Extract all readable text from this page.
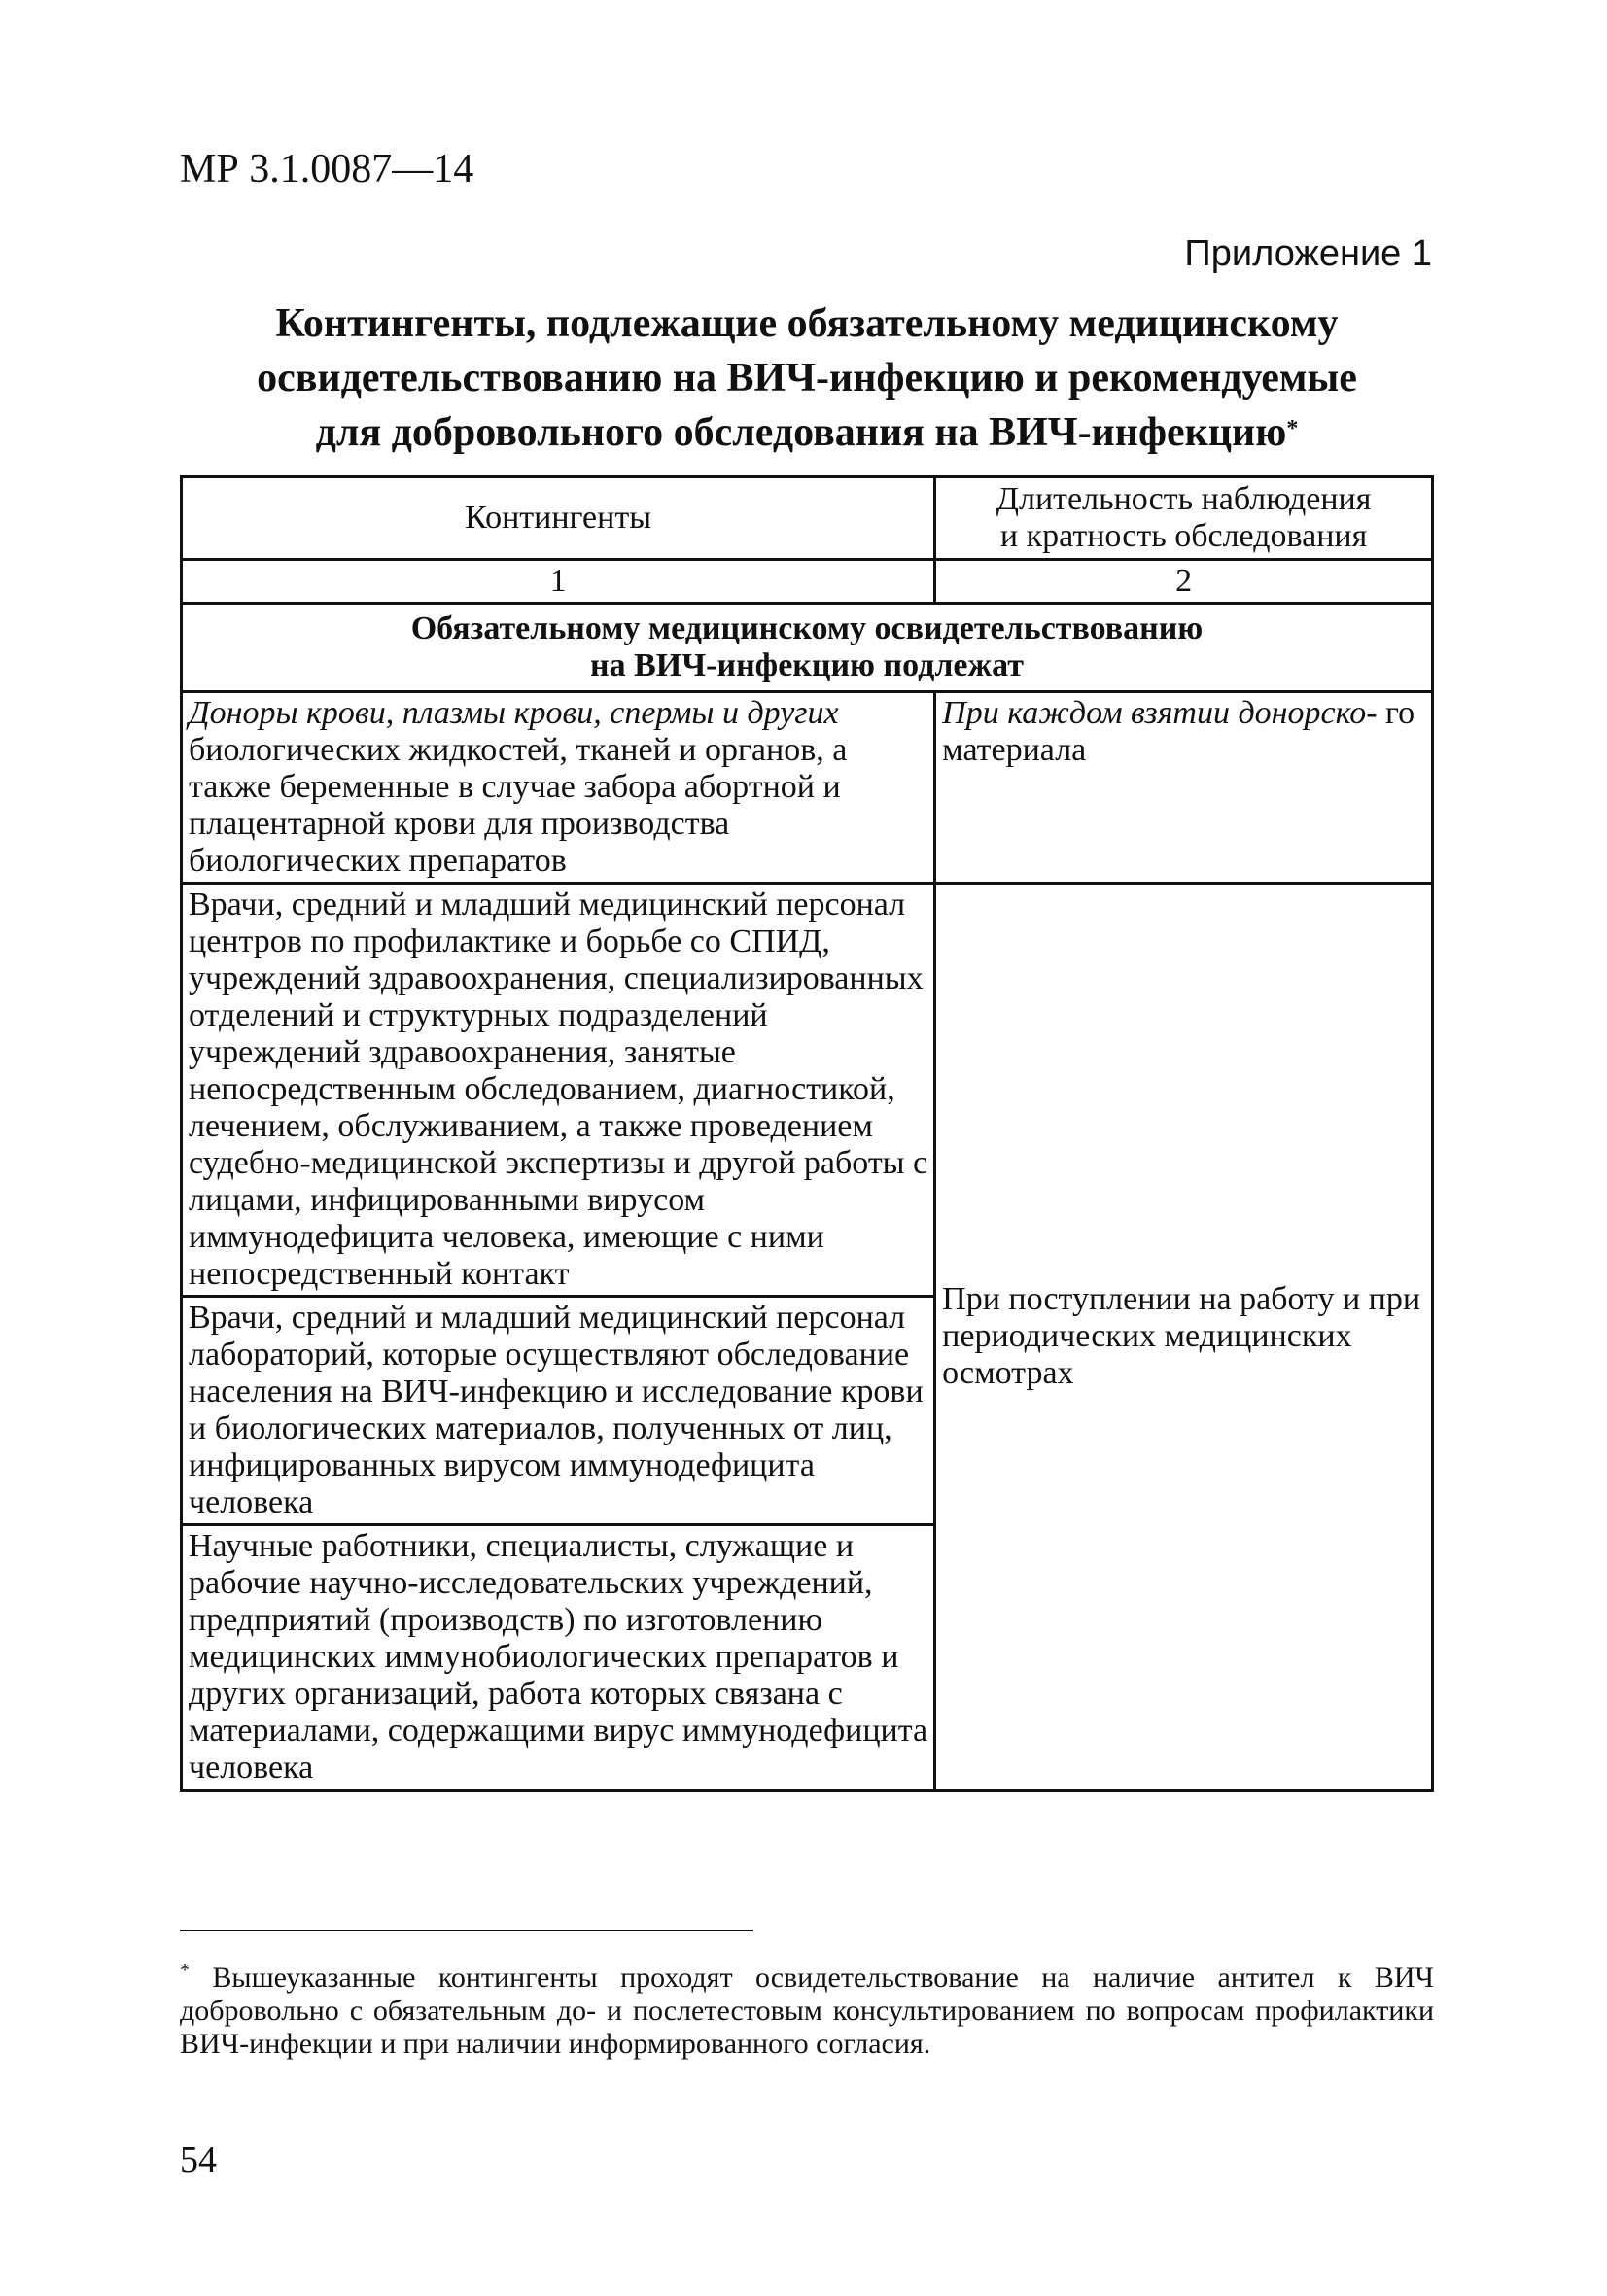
МР 3.1.0087—14
Приложение 1
Контингенты, подлежащие обязательному медицинскому
освидетельствованию на ВИЧ-инфекцию и рекомендуемые
для добровольного обследования на ВИЧ-инфекцию*
Контингенты	Длительность наблюдения
и кратность обследования

1	2

Обязательному медицинскому освидетельствованию
на ВИЧ-инфекцию подлежат	

Доноры крови, плазмы крови, спермы и других биологических жидкостей, тканей и органов, а также беременные в случае забора абортной и плацентарной крови для производства биологических препаратов	При каждом взятии донорско- го материала
Врачи, средний и младший медицинский персонал центров по профилактике и борьбе со СПИД, учреждений здравоохранения, специализированных отделений и структурных подразделений учреждений здравоохранения, занятые непосредственным обследованием, диагностикой, лечением, обслуживанием, а также проведением судебно-медицинской экспертизы и другой работы с лицами, инфицированными вирусом иммунодефицита человека, имеющие с ними непосредственный контакт	При поступлении на работу и при периодических медицинских осмотрах
Врачи, средний и младший медицинский персонал лабораторий, которые осуществляют обследование населения на ВИЧ-инфекцию и исследование крови и биологических материалов, полученных от лиц, инфицированных вирусом иммунодефицита человека	
Научные работники, специалисты, служащие и рабочие научно-исследовательских учреждений, предприятий (производств) по изготовлению медицинских иммунобиологических препаратов и других организаций, работа которых связана с материалами, содержащими вирус иммунодефицита человека	
* Вышеуказанные контингенты проходят освидетельствование на наличие антител к ВИЧ добровольно с обязательным до- и послетестовым консультированием по вопросам профилактики ВИЧ-инфекции и при наличии информированного согласия.
54
